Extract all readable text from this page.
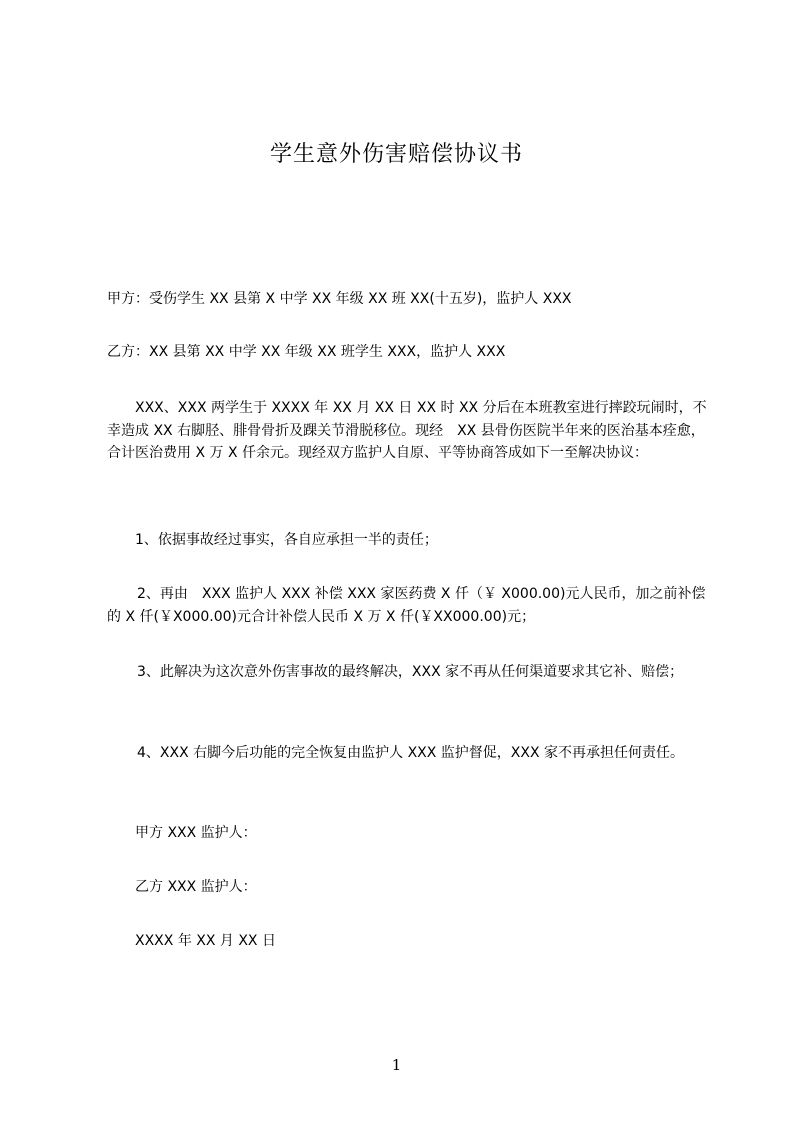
学生意外伤害赔偿协议书

甲方：受伤学生 XX 县第 X 中学 XX 年级 XX 班 XX(十五岁)，监护人 XXX

乙方：XX 县第 XX 中学 XX 年级 XX 班学生 XXX，监护人 XXX

XXX、XXX 两学生于 XXXX 年 XX 月 XX 日 XX 时 XX 分后在本班教室进行摔跤玩闹时，不幸造成 XX 右脚胫、腓骨骨折及踝关节滑脱移位。现经　XX 县骨伤医院半年来的医治基本痊愈，合计医治费用 X 万 X 仟余元。现经双方监护人自原、平等协商答成如下一至解决协议：

1、依据事故经过事实，各自应承担一半的责任；

2、再由　XXX 监护人 XXX 补偿 XXX 家医药费 X 仟（￥ X000.00)元人民币，加之前补偿的 X 仟(￥X000.00)元合计补偿人民币 X 万 X 仟(￥XX000.00)元；

3、此解决为这次意外伤害事故的最终解决，XXX 家不再从任何渠道要求其它补、赔偿；

4、XXX 右脚今后功能的完全恢复由监护人 XXX 监护督促，XXX 家不再承担任何责任。

甲方 XXX 监护人：

乙方 XXX 监护人：

XXXX 年 XX 月 XX 日

1
